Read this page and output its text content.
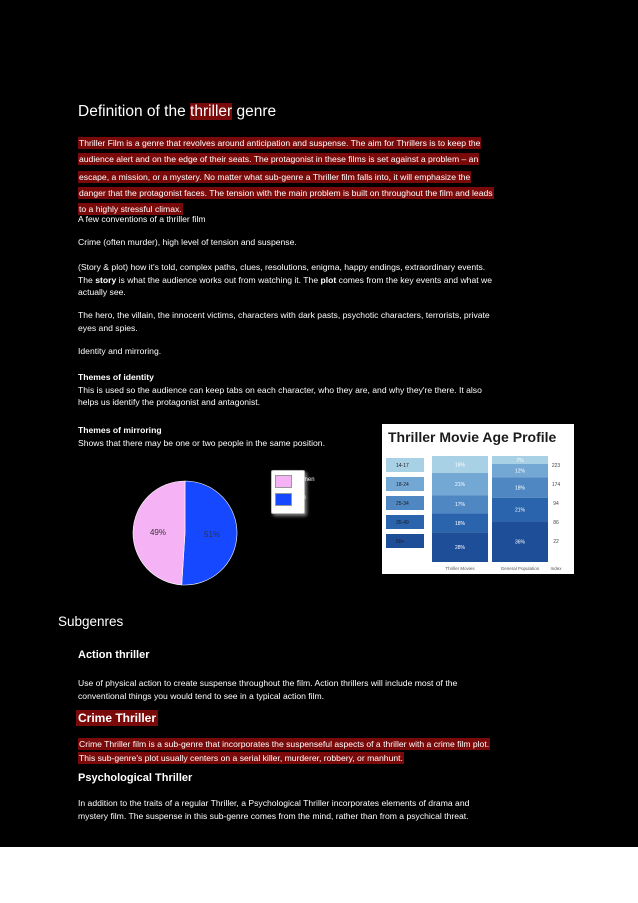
Definition of the thriller genre
Thriller Film is a genre that revolves around anticipation and suspense. The aim for Thrillers is to keep the
audience alert and on the edge of their seats. The protagonist in these films is set against a problem – an
escape, a mission, or a mystery. No matter what sub-genre a Thriller film falls into, it will emphasize the
danger that the protagonist faces. The tension with the main problem is built on throughout the film and leads
to a highly stressful climax.
A few conventions of a thriller film
Crime (often murder), high level of tension and suspense.
(Story & plot) how it's told, complex paths, clues, resolutions, enigma, happy endings, extraordinary events.
The story is what the audience works out from watching it. The plot comes from the key events and what we
actually see.
The hero, the villain, the innocent victims, characters with dark pasts, psychotic characters, terrorists, private
eyes and spies.
Identity and mirroring.
Themes of identity
This is used so the audience can keep tabs on each character, who they are, and why they're there. It also
helps us identify the protagonist and antagonist.
Themes of mirroring
Shows that there may be one or two people in the same position.
51%
49%
Women
Men
Thriller Movie Age Profile
16%
21%
17%
18%
28%
Thriller Movies
7%
12%
18%
21%
36%
General Population
14-17	223
18-24	174
25-34	94
35-49	86
50+	22
Index
Subgenres
Action thriller
Use of physical action to create suspense throughout the film. Action thrillers will include most of the
conventional things you would tend to see in a typical action film.
Crime Thriller
Crime Thriller film is a sub-genre that incorporates the suspenseful aspects of a thriller with a crime film plot.
This sub-genre's plot usually centers on a serial killer, murderer, robbery, or manhunt.
Psychological Thriller
In addition to the traits of a regular Thriller, a Psychological Thriller incorporates elements of drama and
mystery film. The suspense in this sub-genre comes from the mind, rather than from a psychical threat.
